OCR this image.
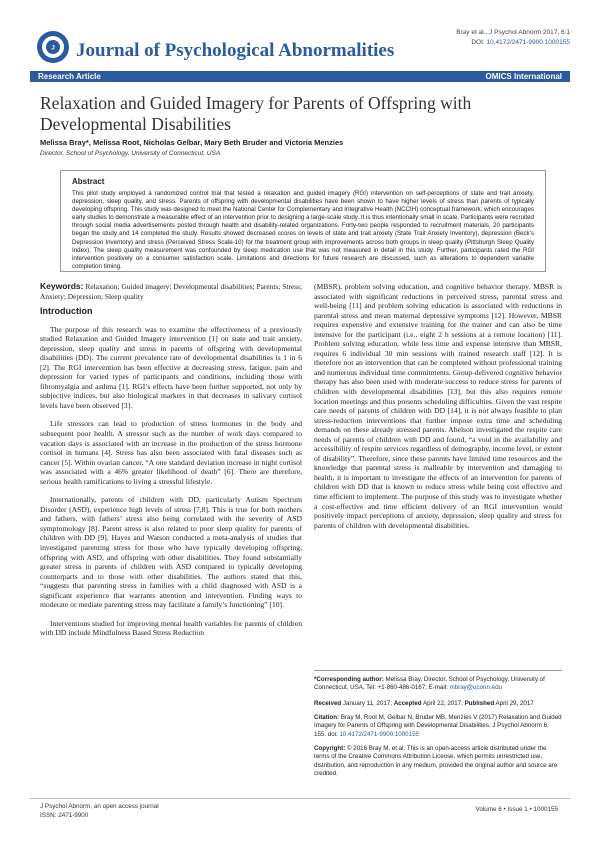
J Journal of Psychological Abnormalities
Bray et al., J Psychol Abnorm 2017, 6:1
DOI: 10.4172/2471-9900.1000155
Research Article	OMICS International
Relaxation and Guided Imagery for Parents of Offspring with Developmental Disabilities
Melissa Bray*, Melissa Root, Nicholas Gelbar, Mary Beth Bruder and Victoria Menzies
Director, School of Psychology, University of Connecticut, USA
Abstract
This pilot study employed a randomized control trial that tested a relaxation and guided imagery (RGI) intervention on self-perceptions of state and trait anxiety, depression, sleep quality, and stress. Parents of offspring with developmental disabilities have been shown to have higher levels of stress than parents of typically developing offspring. This study was designed to meet the National Center for Complementary and Integrative Health (NCCIH) conceptual framework, which encourages early studies to demonstrate a measurable effect of an intervention prior to designing a large-scale study. It is thus intentionally small in scale. Participants were recruited through social media advertisements posted through health and disability-related organizations. Forty-two people responded to recruitment materials, 20 participants began the study and 14 completed the study. Results showed decreased scores on levels of state and trait anxiety (State Trait Anxiety Inventory), depression (Beck’s Depression Inventory) and stress (Perceived Stress Scale-10) for the treatment group with improvements across both groups in sleep quality (Pittsburgh Sleep Quality Index). The sleep quality measurement was confounded by sleep medication use that was not measured in detail in this study. Further, participants rated the RGI intervention positively on a consumer satisfaction scale. Limitations and directions for future research are discussed, such as alterations to dependent variable completion timing.
Keywords: Relaxation; Guided imagery; Developmental disabilities; Parents; Stress; Anxiety; Depression; Sleep quality
Introduction

The purpose of this research was to examine the effectiveness of a previously studied Relaxation and Guided Imagery intervention [1] on state and trait anxiety, depression, sleep quality and stress in parents of offspring with developmental disabilities (DD). The current prevalence rate of developmental disabilities is 1 in 6 [2]. The RGI intervention has been effective at decreasing stress, fatigue, pain and depression for varied types of participants and conditions, including those with fibromyalgia and asthma [1]. RGI’s effects have been further supported, not only by subjective indices, but also biological markers in that decreases in salivary cortisol levels have been observed [3].

Life stressors can lead to production of stress hormones in the body and subsequent poor health. A stressor such as the number of work days compared to vacation days is associated with an increase in the production of the stress hormone cortisol in humans [4]. Stress has also been associated with fatal diseases such as cancer [5]. Within ovarian cancer, “A one standard deviation increase in night cortisol was associated with a 46% greater likelihood of death” [6]. There are therefore, serious health ramifications to living a stressful lifestyle.

Internationally, parents of children with DD, particularly Autism Spectrum Disorder (ASD), experience high levels of stress [7,8]. This is true for both mothers and fathers, with fathers’ stress also being correlated with the severity of ASD symptomology [8]. Parent stress is also related to poor sleep quality for parents of children with DD [9]. Hayes and Watson conducted a meta-analysis of studies that investigated parenting stress for those who have typically developing offspring, offspring with ASD, and offspring with other disabilities. They found substantially greater stress in parents of children with ASD compared to typically developing counterparts and to those with other disabilities. The authors stated that this, “suggests that parenting stress in families with a child diagnosed with ASD is a significant experience that warrants attention and intervention. Finding ways to moderate or mediate parenting stress may facilitate a family’s functioning” [10].

Interventions studied for improving mental health variables for parents of children with DD include Mindfulness Based Stress Reduction

(MBSR), problem solving education, and cognitive behavior therapy. MBSR is associated with significant reductions in perceived stress, parental stress and well-being [11] and problem solving education is associated with reductions in parental stress and mean maternal depressive symptoms [12]. However, MBSR requires expensive and extensive training for the trainer and can also be time intensive for the participant (i.e., eight 2 h sessions at a remote location) [11]. Problem solving education, while less time and expense intensive than MBSR, requires 6 individual 30 min sessions with trained research staff [12]. It is therefore not an intervention that can be completed without professional training and numerous individual time commitments. Group-delivered cognitive behavior therapy has also been used with moderate success to reduce stress for parents of children with developmental disabilities [13], but this also requires remote location meetings and thus presents scheduling difficulties. Given the vast respite care needs of parents of children with DD [14], it is not always feasible to plan stress-reduction interventions that further impose extra time and scheduling demands on these already stressed parents. Abelson investigated the respite care needs of parents of children with DD and found, “a void in the availability and accessibility of respite services regardless of demography, income level, or extent of disability”. Therefore, since these parents have limited time resources and the knowledge that parental stress is malleable by intervention and damaging to health, it is important to investigate the effects of an intervention for parents of children with DD that is known to reduce stress while being cost effective and time efficient to implement. The purpose of this study was to investigate whether a cost-effective and time efficient delivery of an RGI intervention would positively impact perceptions of anxiety, depression, sleep quality and stress for parents of children with developmental disabilities.

*Corresponding author: Melissa Bray, Director, School of Psychology, University of Connecticut, USA, Tel: +1-860-486-0167; E-mail: mbray@uconn.edu
Received January 11, 2017; Accepted April 22, 2017; Published April 29, 2017
Citation: Bray M, Root M, Gelbar N, Bruder MB, Menzies V (2017) Relaxation and Guided Imagery for Parents of Offspring with Developmental Disabilities. J Psychol Abnorm 6: 155. doi: 10.4172/2471-9900.1000155
Copyright: © 2016 Bray M, et al. This is an open-access article distributed under the terms of the Creative Commons Attribution License, which permits unrestricted use, distribution, and reproduction in any medium, provided the original author and source are credited.
J Psychol Abnorm, an open access journal
ISSN: 2471-9900
Volume 6 • Issue 1 • 1000155
